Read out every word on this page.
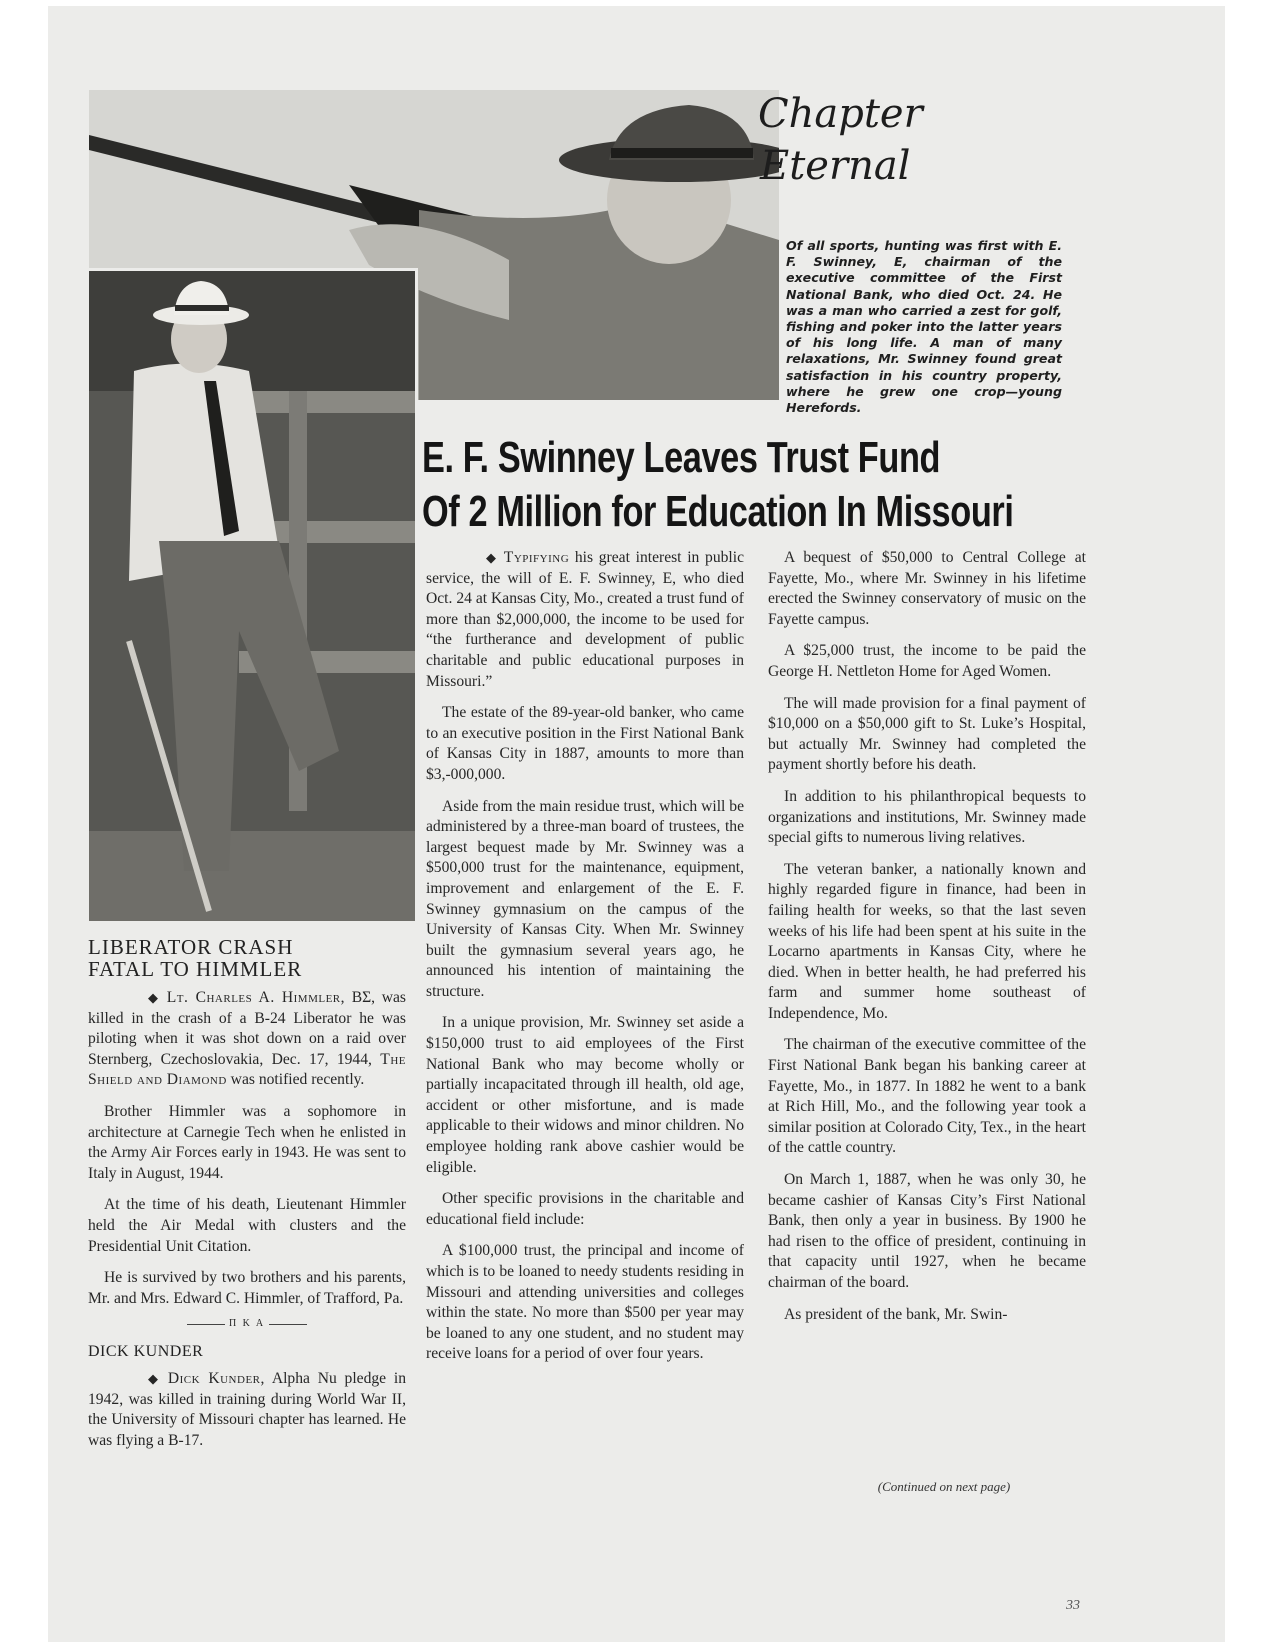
Chapter
Eternal
Of all sports, hunting was first with E. F. Swinney, E, chairman of the executive committee of the First National Bank, who died Oct. 24. He was a man who carried a zest for golf, fishing and poker into the latter years of his long life. A man of many relaxations, Mr. Swinney found great satisfaction in his country property, where he grew one crop—young Herefords.
E. F. Swinney Leaves Trust Fund
Of 2 Million for Education In Missouri

◆ Typifying his great interest in public service, the will of E. F. Swinney, E, who died Oct. 24 at Kansas City, Mo., created a trust fund of more than $2,000,000, the income to be used for “the furtherance and development of public charitable and public educational purposes in Missouri.”

The estate of the 89-year-old banker, who came to an executive position in the First National Bank of Kansas City in 1887, amounts to more than $3,-000,000.

Aside from the main residue trust, which will be administered by a three-man board of trustees, the largest bequest made by Mr. Swinney was a $500,000 trust for the maintenance, equipment, improvement and enlargement of the E. F. Swinney gymnasium on the campus of the University of Kansas City. When Mr. Swinney built the gymnasium several years ago, he announced his intention of maintaining the structure.

In a unique provision, Mr. Swinney set aside a $150,000 trust to aid employees of the First National Bank who may become wholly or partially incapacitated through ill health, old age, accident or other misfortune, and is made applicable to their widows and minor children. No employee holding rank above cashier would be eligible.

Other specific provisions in the charitable and educational field include:

A $100,000 trust, the principal and income of which is to be loaned to needy students residing in Missouri and attending universities and colleges within the state. No more than $500 per year may be loaned to any one student, and no student may receive loans for a period of over four years.

A bequest of $50,000 to Central College at Fayette, Mo., where Mr. Swinney in his lifetime erected the Swinney conservatory of music on the Fayette campus.

A $25,000 trust, the income to be paid the George H. Nettleton Home for Aged Women.

The will made provision for a final payment of $10,000 on a $50,000 gift to St. Luke’s Hospital, but actually Mr. Swinney had completed the payment shortly before his death.

In addition to his philanthropical bequests to organizations and institutions, Mr. Swinney made special gifts to numerous living relatives.

The veteran banker, a nationally known and highly regarded figure in finance, had been in failing health for weeks, so that the last seven weeks of his life had been spent at his suite in the Locarno apartments in Kansas City, where he died. When in better health, he had preferred his farm and summer home southeast of Independence, Mo.

The chairman of the executive committee of the First National Bank began his banking career at Fayette, Mo., in 1877. In 1882 he went to a bank at Rich Hill, Mo., and the following year took a similar position at Colorado City, Tex., in the heart of the cattle country.

On March 1, 1887, when he was only 30, he became cashier of Kansas City’s First National Bank, then only a year in business. By 1900 he had risen to the office of president, continuing in that capacity until 1927, when he became chairman of the board.

As president of the bank, Mr. Swin-

(Continued on next page)
LIBERATOR CRASH
FATAL TO HIMMLER

◆ Lt. Charles A. Himmler, ΒΣ, was killed in the crash of a B-24 Liberator he was piloting when it was shot down on a raid over Sternberg, Czechoslovakia, Dec. 17, 1944, The Shield and Diamond was notified recently.

Brother Himmler was a sophomore in architecture at Carnegie Tech when he enlisted in the Army Air Forces early in 1943. He was sent to Italy in August, 1944.

At the time of his death, Lieutenant Himmler held the Air Medal with clusters and the Presidential Unit Citation.

He is survived by two brothers and his parents, Mr. and Mrs. Edward C. Himmler, of Trafford, Pa.

Π Κ Α
DICK KUNDER

◆ Dick Kunder, Alpha Nu pledge in 1942, was killed in training during World War II, the University of Missouri chapter has learned. He was flying a B-17.

33
